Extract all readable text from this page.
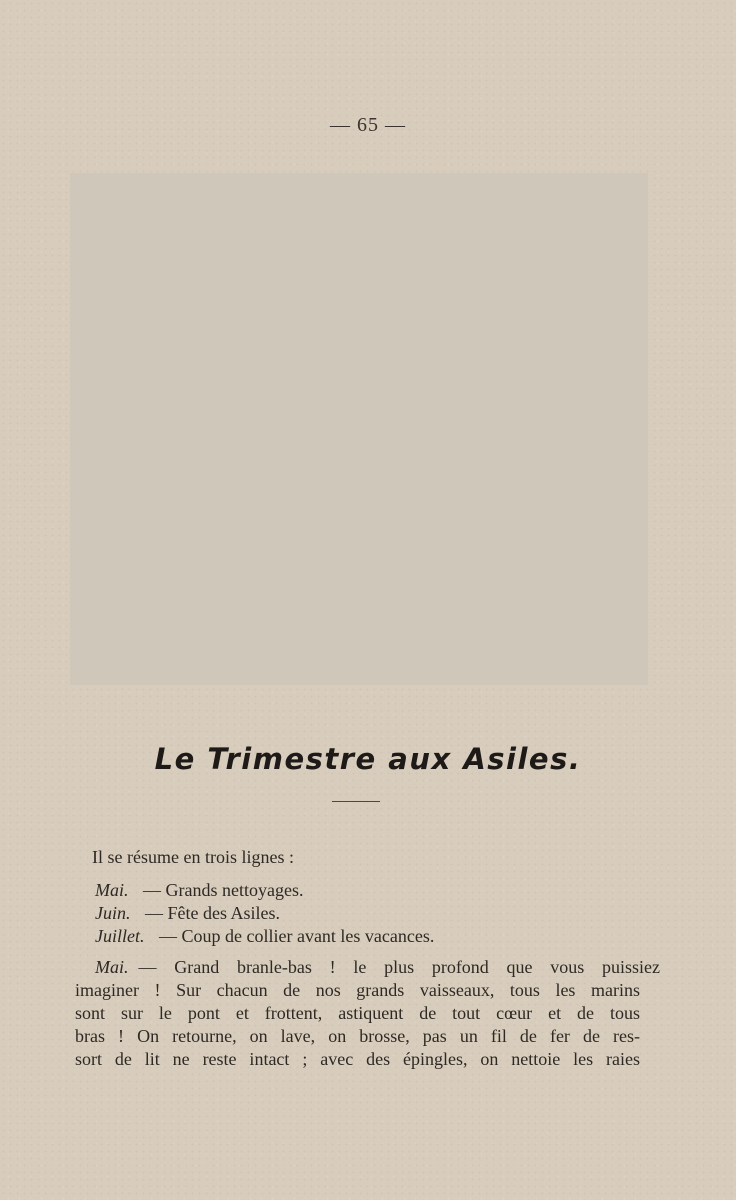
— 65 —
Le Trimestre aux Asiles.

Il se résume en trois lignes :

Mai. — Grands nettoyages.

Juin. — Fête des Asiles.

Juillet. — Coup de collier avant les vacances.

Mai. — Grand branle-bas ! le plus profond que vous puissiez
imaginer ! Sur chacun de nos grands vaisseaux, tous les marins
sont sur le pont et frottent, astiquent de tout cœur et de tous
bras ! On retourne, on lave, on brosse, pas un fil de fer de res-
sort de lit ne reste intact ; avec des épingles, on nettoie les raies
